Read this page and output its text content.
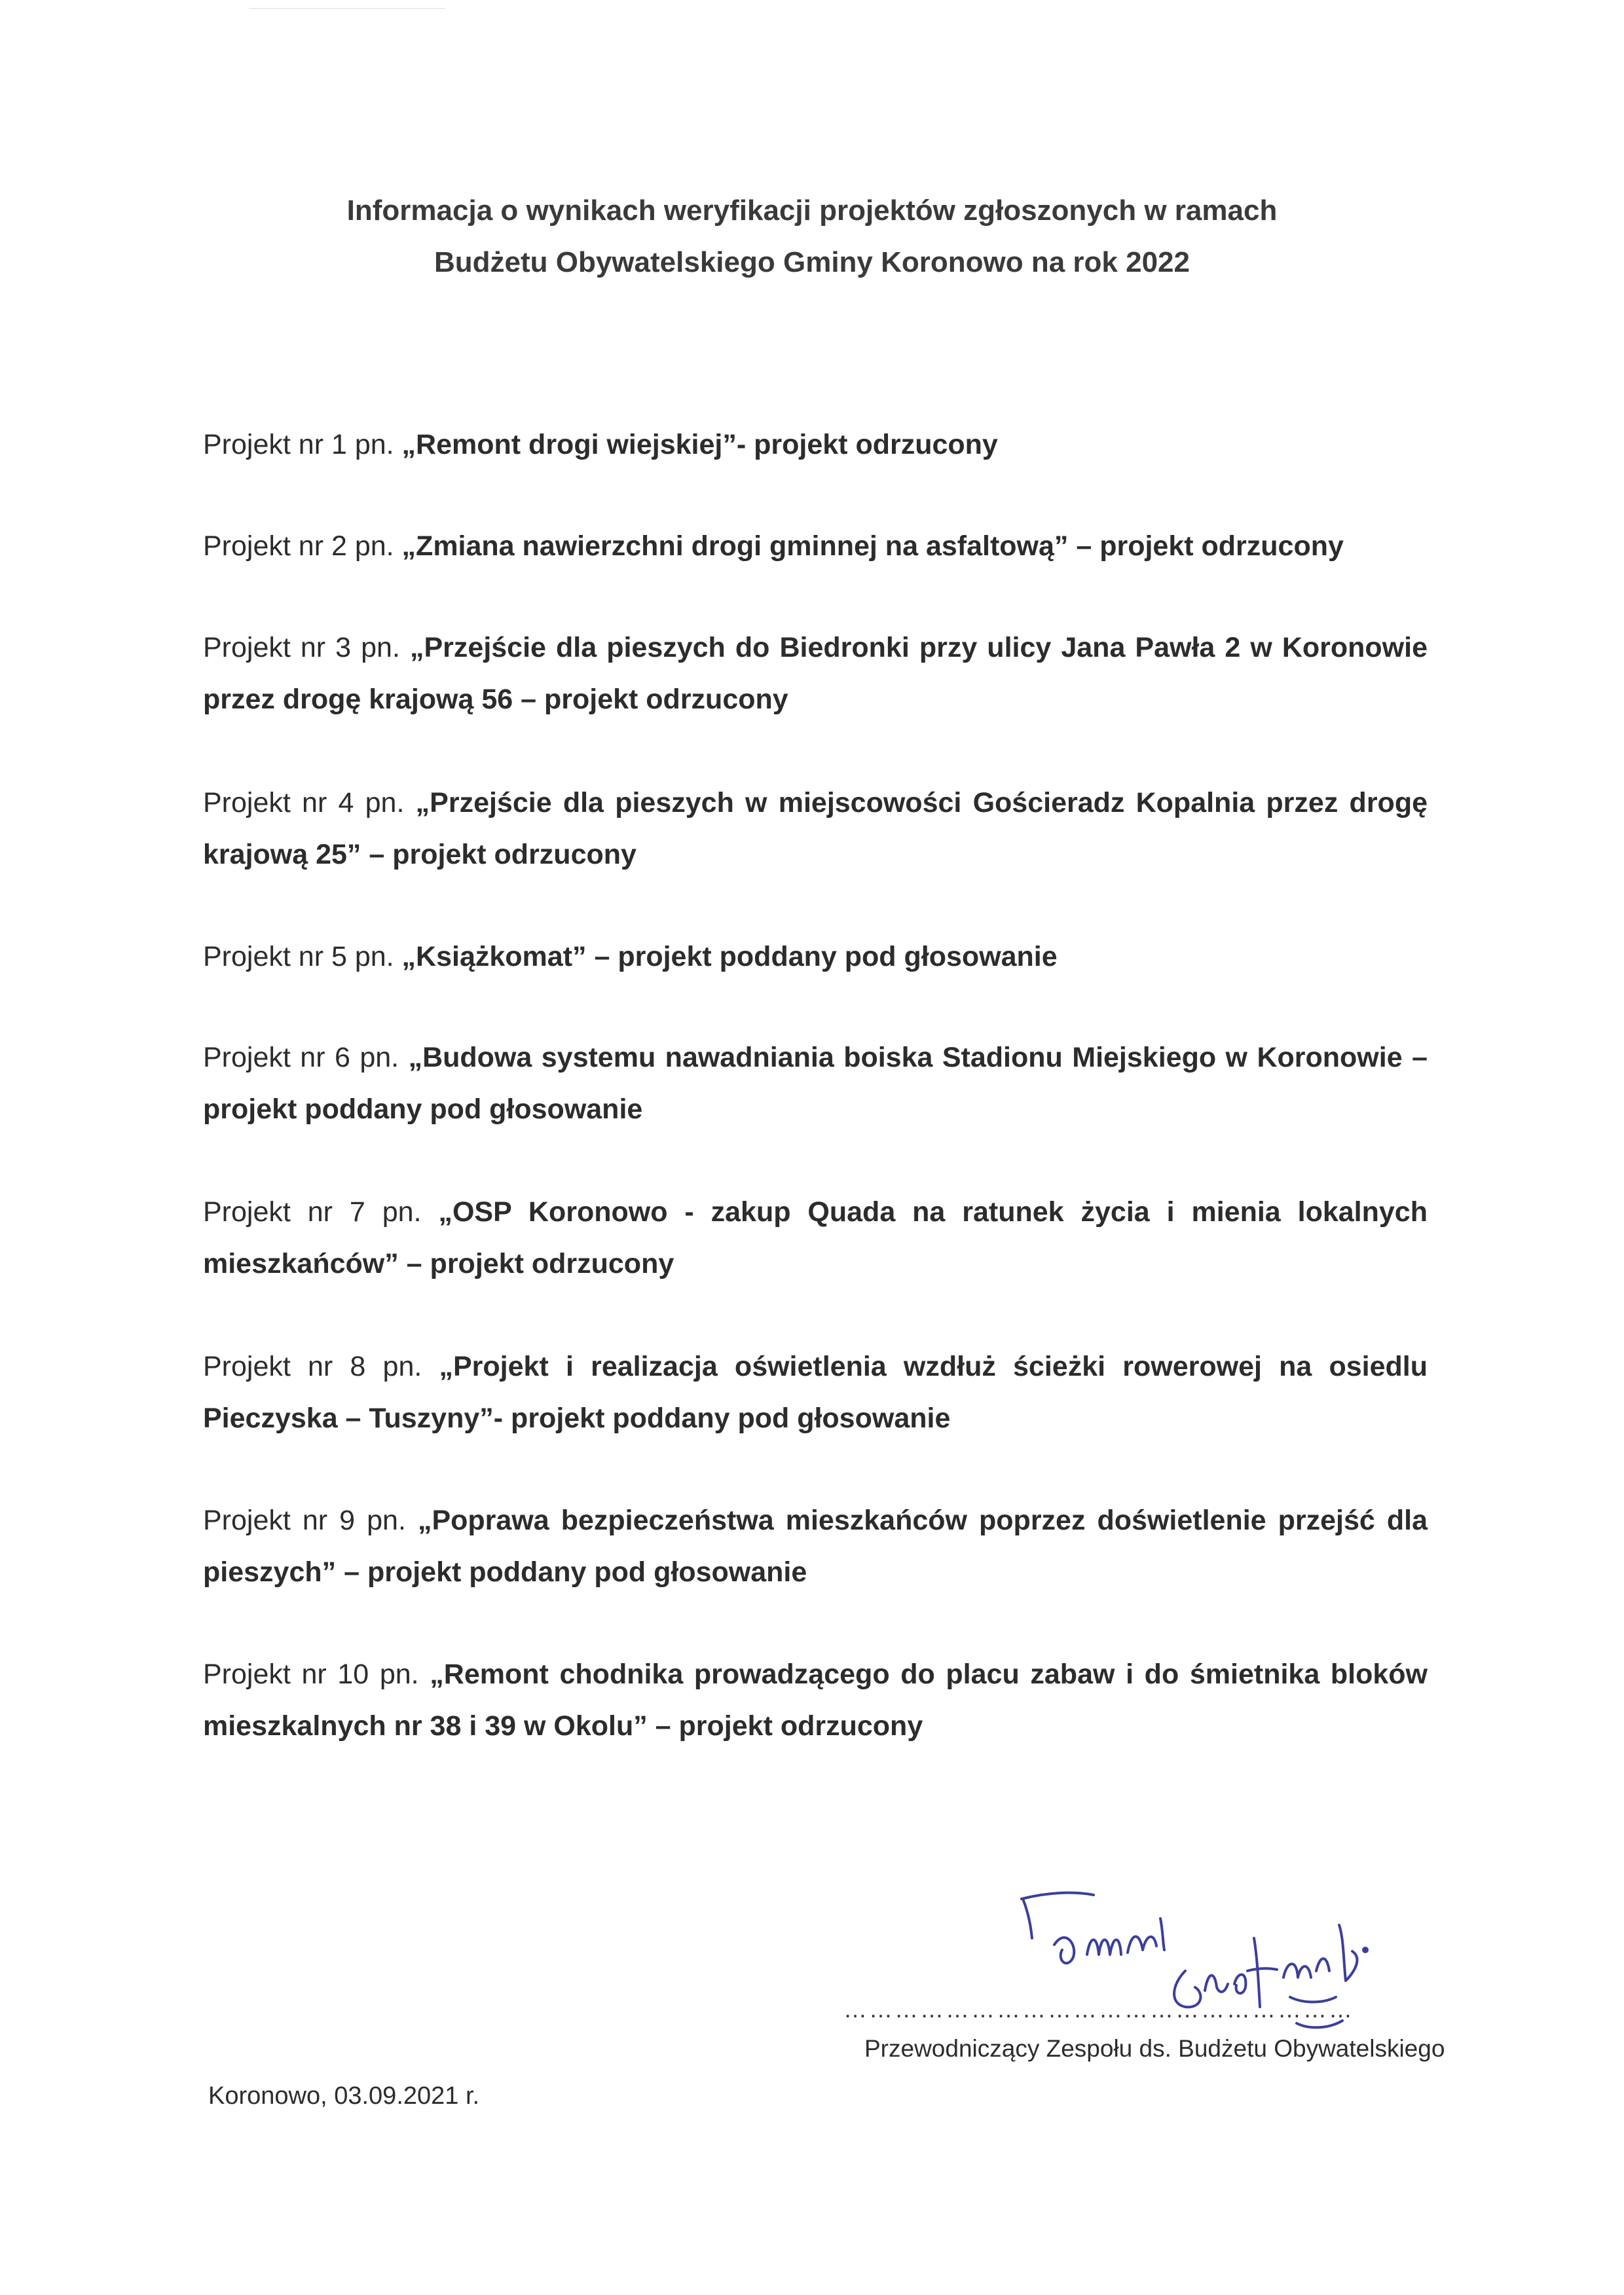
Informacja o wynikach weryfikacji projektów zgłoszonych w ramach
Budżetu Obywatelskiego Gminy Koronowo na rok 2022
Projekt nr 1 pn. „Remont drogi wiejskiej”- projekt odrzucony
Projekt nr 2 pn. „Zmiana nawierzchni drogi gminnej na asfaltową” – projekt odrzucony
Projekt nr 3 pn. „Przejście dla pieszych do Biedronki przy ulicy Jana Pawła 2 w Koronowie przez drogę krajową 56 – projekt odrzucony
Projekt nr 4 pn. „Przejście dla pieszych w miejscowości Gościeradz Kopalnia przez drogę krajową 25” – projekt odrzucony
Projekt nr 5 pn. „Książkomat” – projekt poddany pod głosowanie
Projekt nr 6 pn. „Budowa systemu nawadniania boiska Stadionu Miejskiego w Koronowie – projekt poddany pod głosowanie
Projekt nr 7 pn. „OSP Koronowo - zakup Quada na ratunek życia i mienia lokalnych mieszkańców” – projekt odrzucony
Projekt nr 8 pn. „Projekt i realizacja oświetlenia wzdłuż ścieżki rowerowej na osiedlu Pieczyska – Tuszyny”- projekt poddany pod głosowanie
Projekt nr 9 pn. „Poprawa bezpieczeństwa mieszkańców poprzez doświetlenie przejść dla pieszych” – projekt poddany pod głosowanie
Projekt nr 10 pn. „Remont chodnika prowadzącego do placu zabaw i do śmietnika bloków mieszkalnych nr 38 i 39 w Okolu” – projekt odrzucony
……………………………………………………
Przewodniczący Zespołu ds. Budżetu Obywatelskiego
Koronowo, 03.09.2021 r.
